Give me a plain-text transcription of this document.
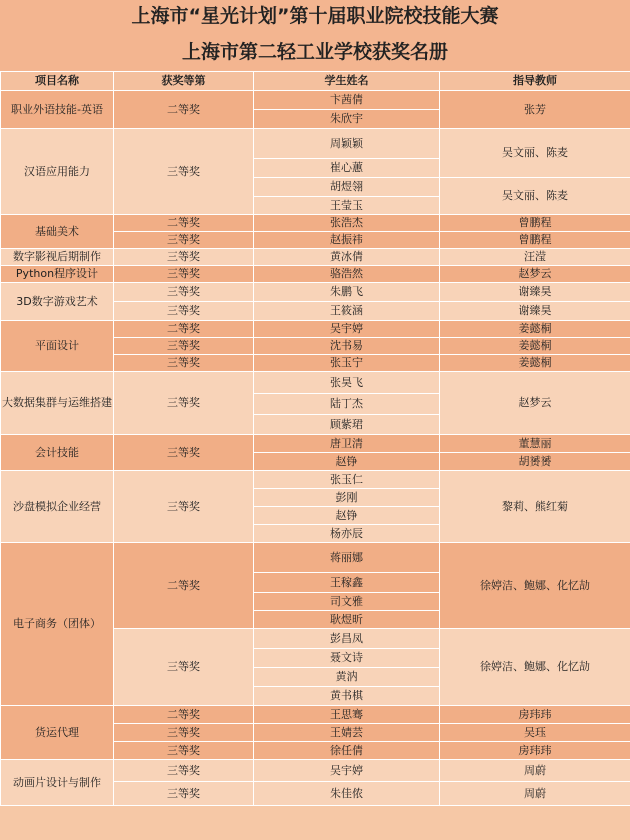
上海市“星光计划”第十届职业院校技能大赛
上海市第二轻工业学校获奖名册
项目名称	获奖等第	学生姓名	指导教师
职业外语技能-英语	二等奖	卞茜倩	张芳
		朱欣宇	
汉语应用能力	三等奖	周颖颖	吴文丽、陈麦
		崔心蕙	
		胡煜翎	吴文丽、陈麦
		王莹玉	
基础美术	二等奖	张浩杰	曾鹏程
	三等奖	赵振祎	曾鹏程
数字影视后期制作	三等奖	黄冰倩	汪滢
Python程序设计	三等奖	骆浩然	赵梦云
3D数字游戏艺术	三等奖	朱鹏飞	谢臻昊
	三等奖	王筱涵	谢臻昊
平面设计	二等奖	吴宇婷	姜懿桐
	三等奖	沈书易	姜懿桐
	三等奖	张玉宁	姜懿桐
大数据集群与运维搭建	三等奖	张昊飞	赵梦云
		陆丁杰	
		顾紫珺	
会计技能	三等奖	唐卫清	董慧丽
		赵铮	胡赟赟
沙盘模拟企业经营	三等奖	张玉仁	黎莉、熊红菊
		彭刚	
		赵铮	
		杨亦辰	
电子商务（团体）	二等奖	蒋丽娜	徐婷洁、鲍娜、化忆劼
		王稼鑫	
		司文雅	
		耿煜昕	
	三等奖	彭昌凤	徐婷洁、鲍娜、化忆劼
		聂文诗	
		黄汭	
		黄书棋	
货运代理	二等奖	王思骞	房玮玮
	三等奖	王婧芸	吴珏
	三等奖	徐任倩	房玮玮
动画片设计与制作	三等奖	吴宇婷	周蔚
	三等奖	朱佳侬	周蔚
